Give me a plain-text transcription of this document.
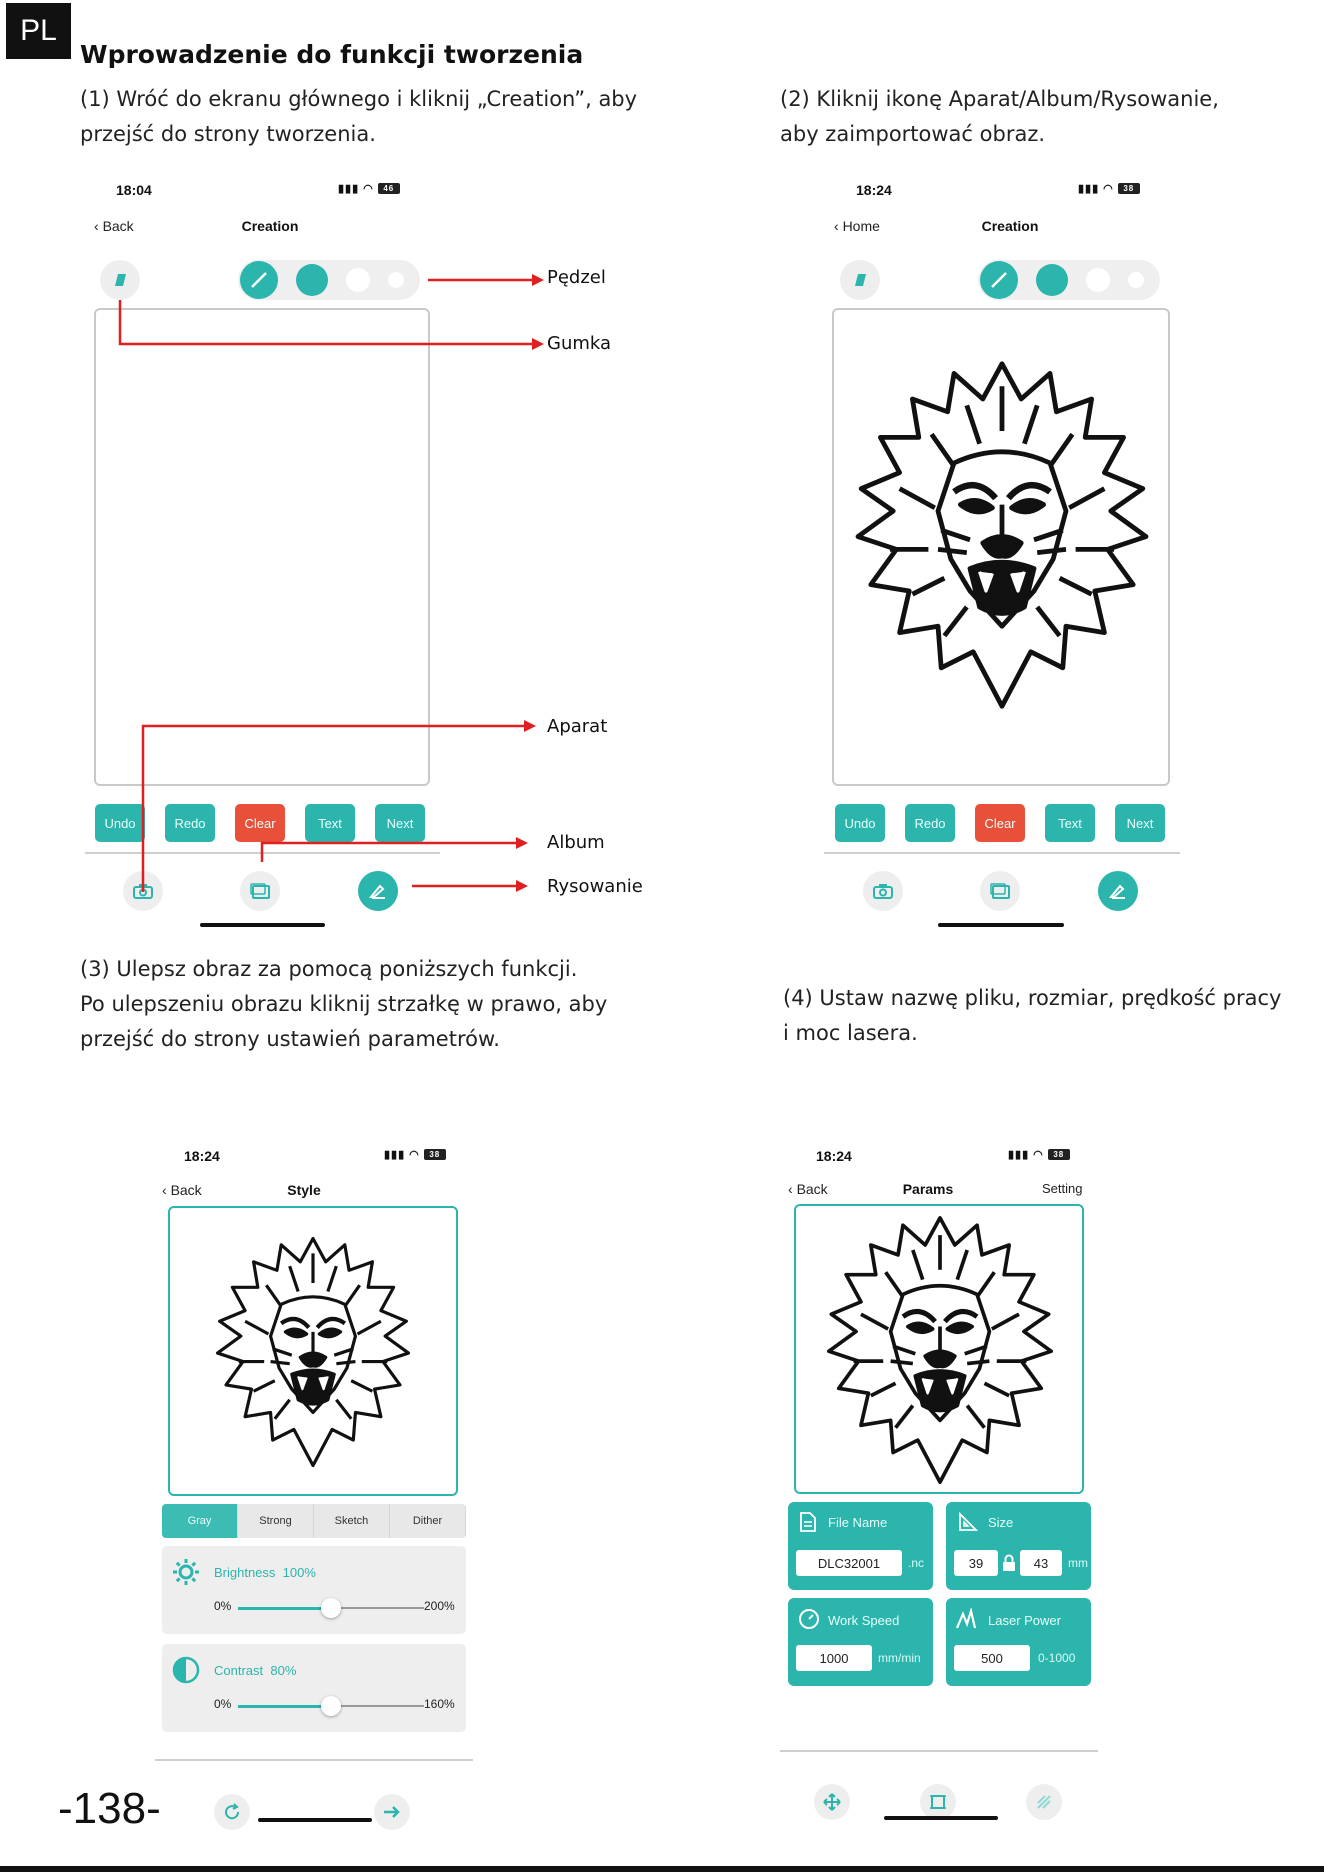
PL
Wprowadzenie do funkcji tworzenia
(1) Wróć do ekranu głównego i kliknij „Creation”, aby
przejść do strony tworzenia.
(2) Kliknij ikonę Aparat/Album/Rysowanie,
aby zaimportować obraz.
(3) Ulepsz obraz za pomocą poniższych funkcji.
Po ulepszeniu obrazu kliknij strzałkę w prawo, aby
przejść do strony ustawień parametrów.
(4) Ustaw nazwę pliku, rozmiar, prędkość pracy
i moc lasera.
18:04	▮▮▮ ◠	46
‹ Back	Creation
Undo	Redo	Clear	Text	Next
Pędzel
Gumka
Aparat
Album
Rysowanie
18:24	▮▮▮ ◠	38
‹ Home	Creation
Undo	Redo	Clear	Text	Next
18:24	▮▮▮ ◠	38
‹ Back	Style
Gray	Strong	Sketch	Dither
Brightness 100%
0%	200%
Contrast 80%
0%	160%
18:24	▮▮▮ ◠	38
‹ Back	Params	Setting
File Name
DLC32001	.nc
Size
39	43	mm
Work Speed
1000	mm/min
Laser Power
500	0-1000
-138-
